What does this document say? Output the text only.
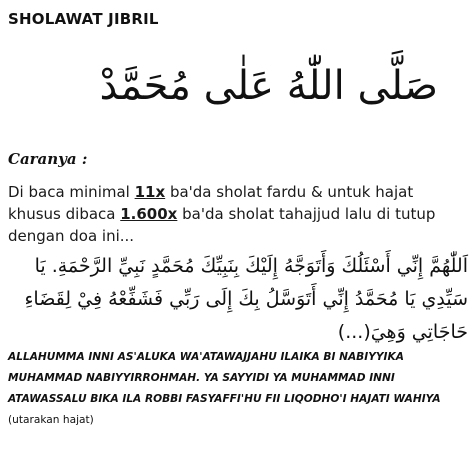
SHOLAWAT JIBRIL
صَلَّى اللّٰهُ عَلٰى مُحَمَّدْ
Caranya :
Di baca minimal 11x ba'da sholat fardu & untuk hajat khusus dibaca 1.600x ba'da sholat tahajjud lalu di tutup dengan doa ini...
اَللّٰهُمَّ إِنِّي أَسْئَلُكَ وَأَتَوَجَّهُ إِلَيْكَ بِنَبِيِّكَ مُحَمَّدٍ نَبِيِّ الرَّحْمَةِ. يَا سَيِّدِي يَا مُحَمَّدُ إِنِّي أَتَوَسَّلُ بِكَ إِلَى رَبِّي فَشَفِّعْهُ فِيْ لِقَضَاءِ حَاجَاتِي وَهِيَ(...)
ALLAHUMMA INNI AS'ALUKA WA'ATAWAJJAHU ILAIKA BI NABIYYIKA MUHAMMAD NABIYYIRROHMAH. YA SAYYIDI YA MUHAMMAD INNI ATAWASSALU BIKA ILA ROBBI FASYAFFI'HU FII LIQODHO'I HAJATI WAHIYA (utarakan hajat)
